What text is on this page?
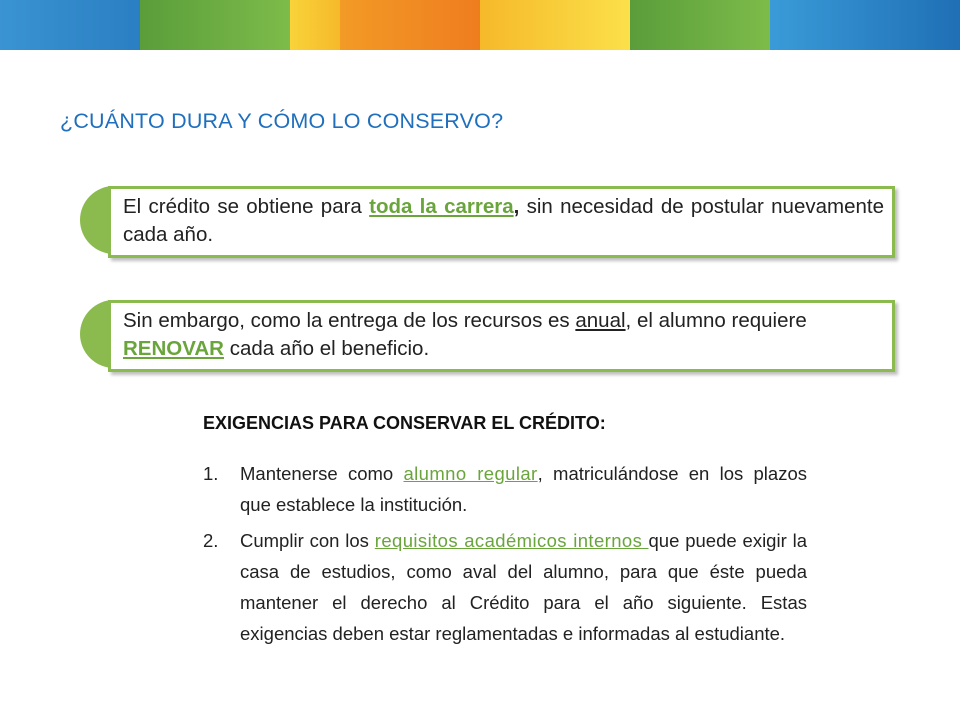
¿CUÁNTO DURA Y CÓMO LO CONSERVO?
El crédito se obtiene para toda la carrera, sin necesidad de postular nuevamente cada año.
Sin embargo, como la entrega de los recursos es anual, el alumno requiere RENOVAR cada año el beneficio.
EXIGENCIAS PARA CONSERVAR EL CRÉDITO:
1.	Mantenerse como alumno regular, matriculándose en los plazos que establece la institución.
2.	Cumplir con los requisitos académicos internos que puede exigir la casa de estudios, como aval del alumno, para que éste pueda mantener el derecho al Crédito para el año siguiente. Estas exigencias deben estar reglamentadas e informadas al estudiante.
